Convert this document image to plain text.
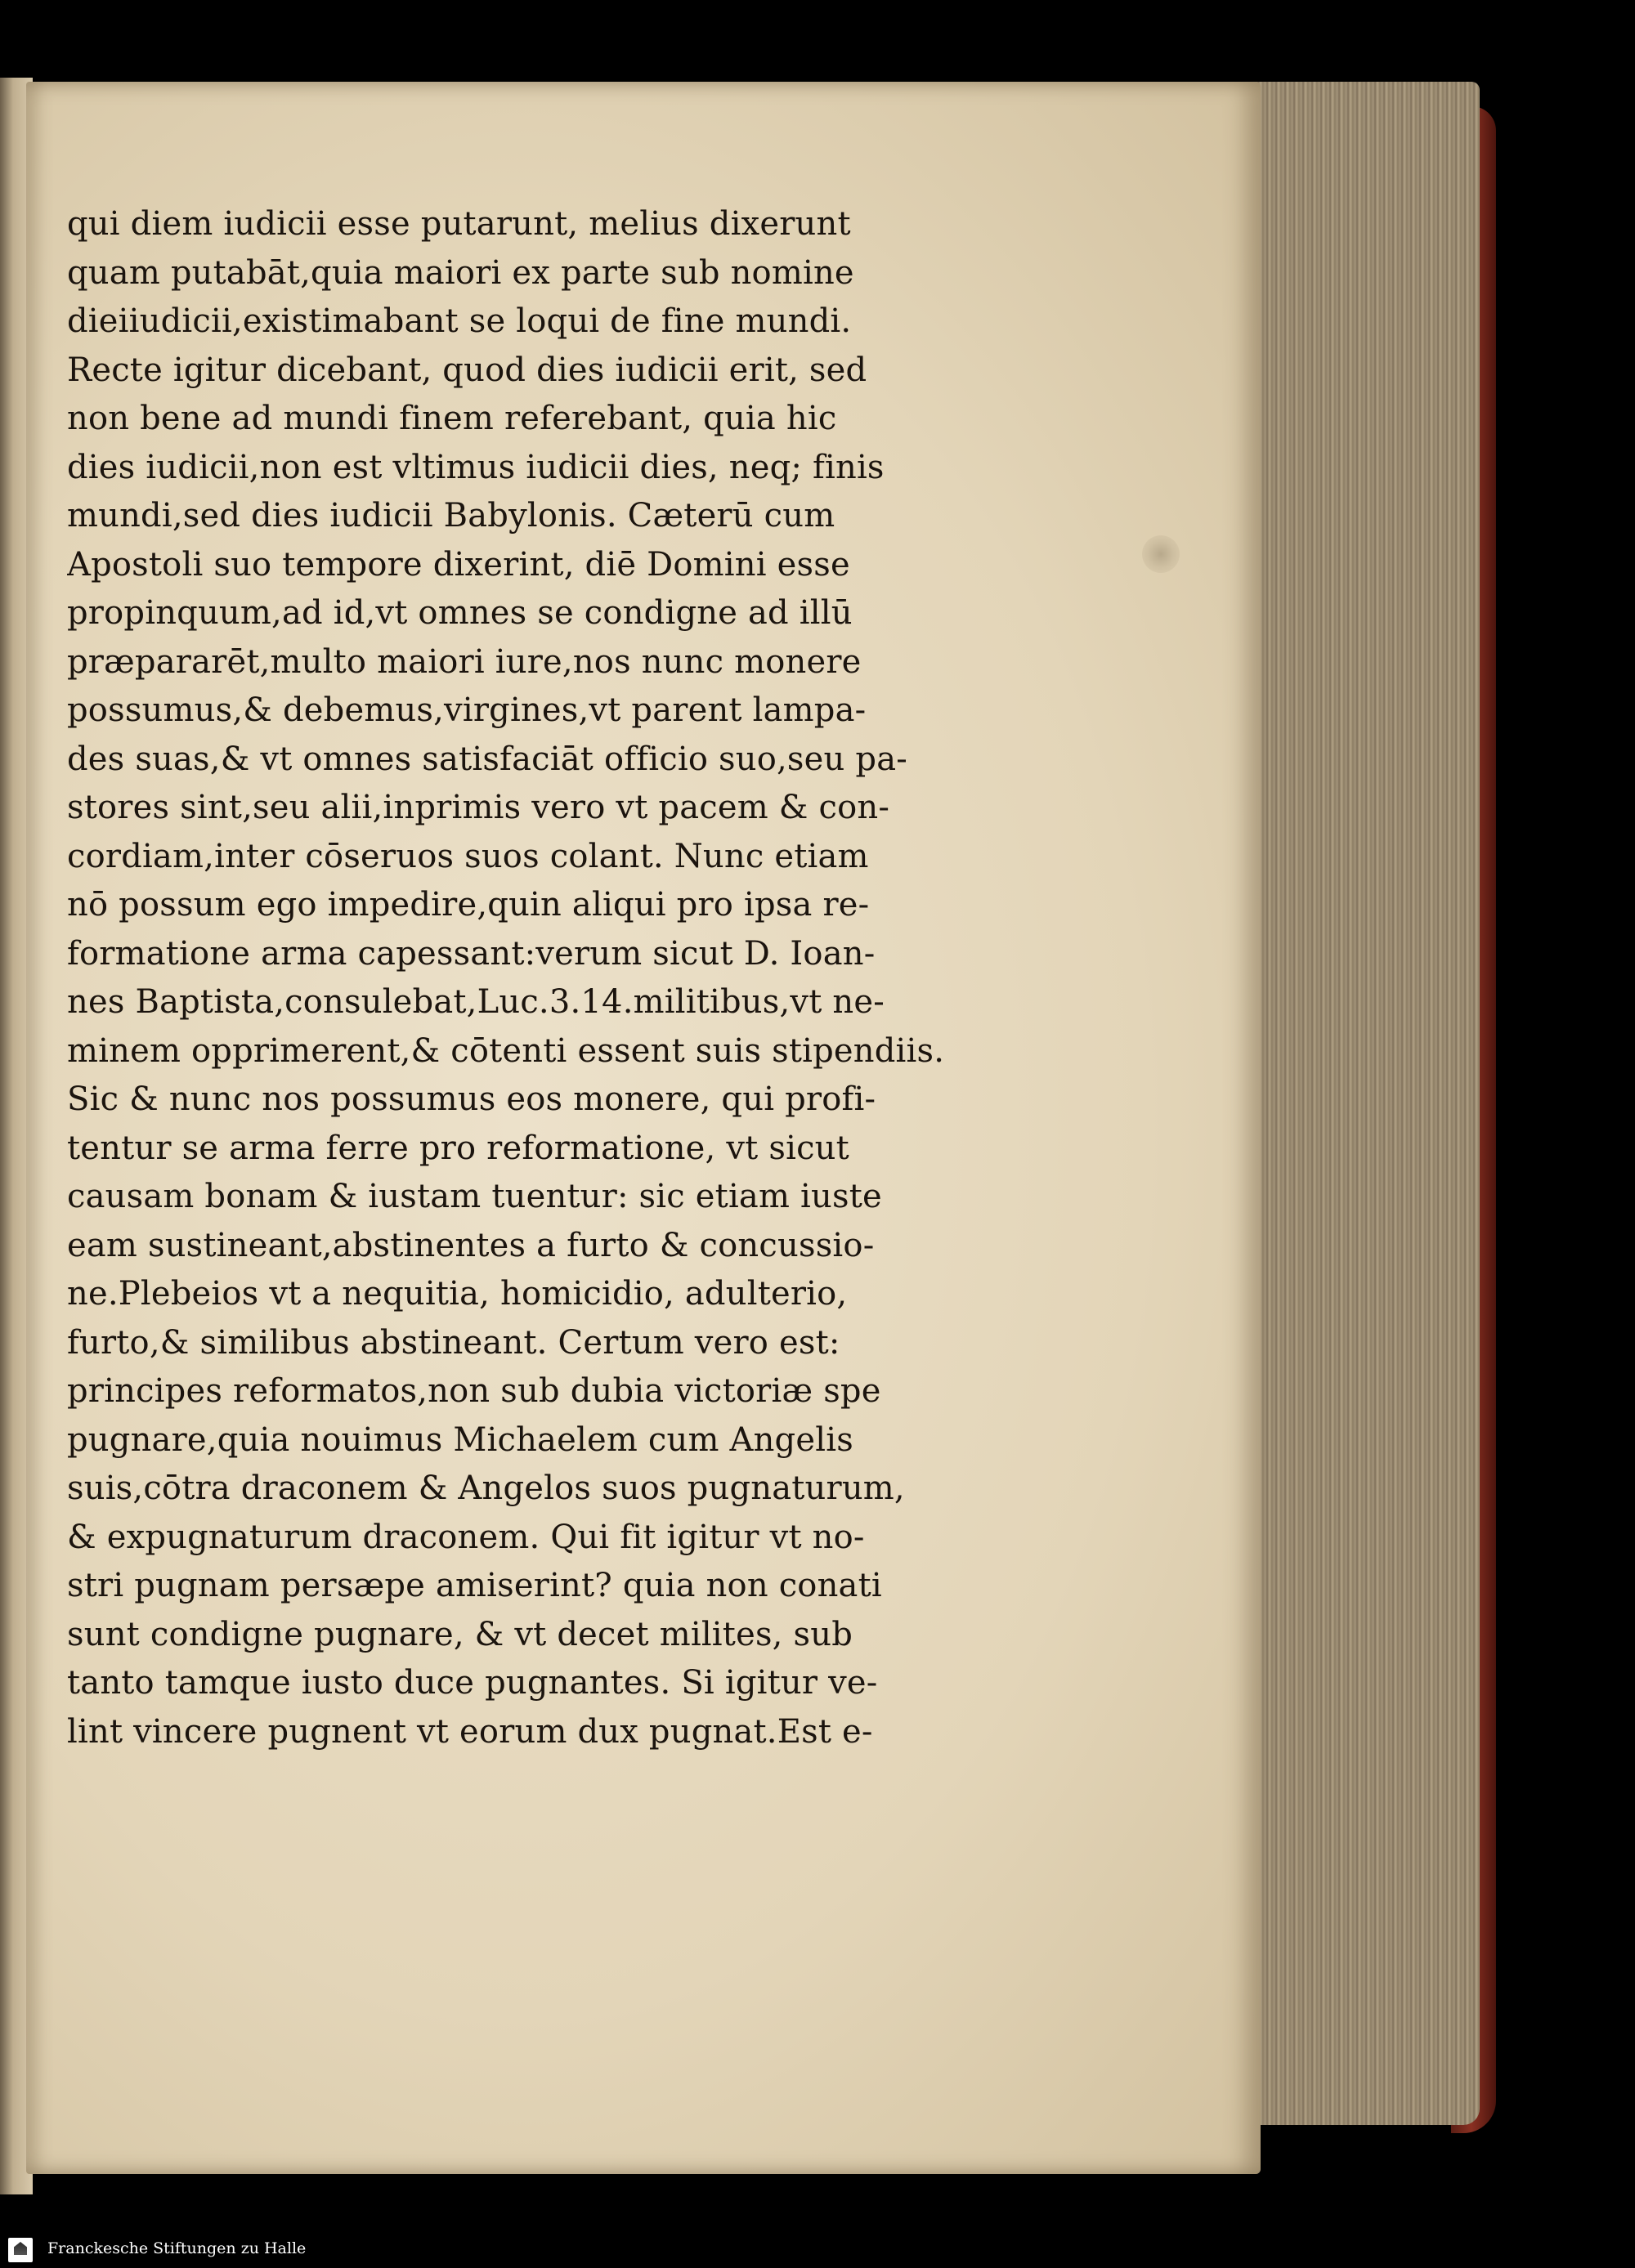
qui diem iudicii esse putarunt, melius dixerunt
quam putabāt,quia maiori ex parte sub nomine
dieiiudicii,existimabant se loqui de fine mundi.
Recte igitur dicebant, quod dies iudicii erit, sed
non bene ad mundi finem referebant, quia hic
dies iudicii,non est vltimus iudicii dies, neq; finis
mundi,sed dies iudicii Babylonis. Cæterū cum
Apostoli suo tempore dixerint, diē Domini esse
propinquum,ad id,vt omnes se condigne ad illū
præpararēt,multo maiori iure,nos nunc monere
possumus,& debemus,virgines,vt parent lampa-
des suas,& vt omnes satisfaciāt officio suo,seu pa-
stores sint,seu alii,inprimis vero vt pacem & con-
cordiam,inter cōseruos suos colant. Nunc etiam
nō possum ego impedire,quin aliqui pro ipsa re-
formatione arma capessant:verum sicut D. Ioan-
nes Baptista,consulebat,Luc.3.14.militibus,vt ne-
minem opprimerent,& cōtenti essent suis stipendiis.
Sic & nunc nos possumus eos monere, qui profi-
tentur se arma ferre pro reformatione, vt sicut
causam bonam & iustam tuentur: sic etiam iuste
eam sustineant,abstinentes a furto & concussio-
ne.Plebeios vt a nequitia, homicidio, adulterio,
furto,& similibus abstineant. Certum vero est:
principes reformatos,non sub dubia victoriæ spe
pugnare,quia nouimus Michaelem cum Angelis
suis,cōtra draconem & Angelos suos pugnaturum,
& expugnaturum draconem. Qui fit igitur vt no-
stri pugnam persæpe amiserint? quia non conati
sunt condigne pugnare, & vt decet milites, sub
tanto tamque iusto duce pugnantes. Si igitur ve-
lint vincere pugnent vt eorum dux pugnat.Est e-
Franckesche Stiftungen zu Halle
